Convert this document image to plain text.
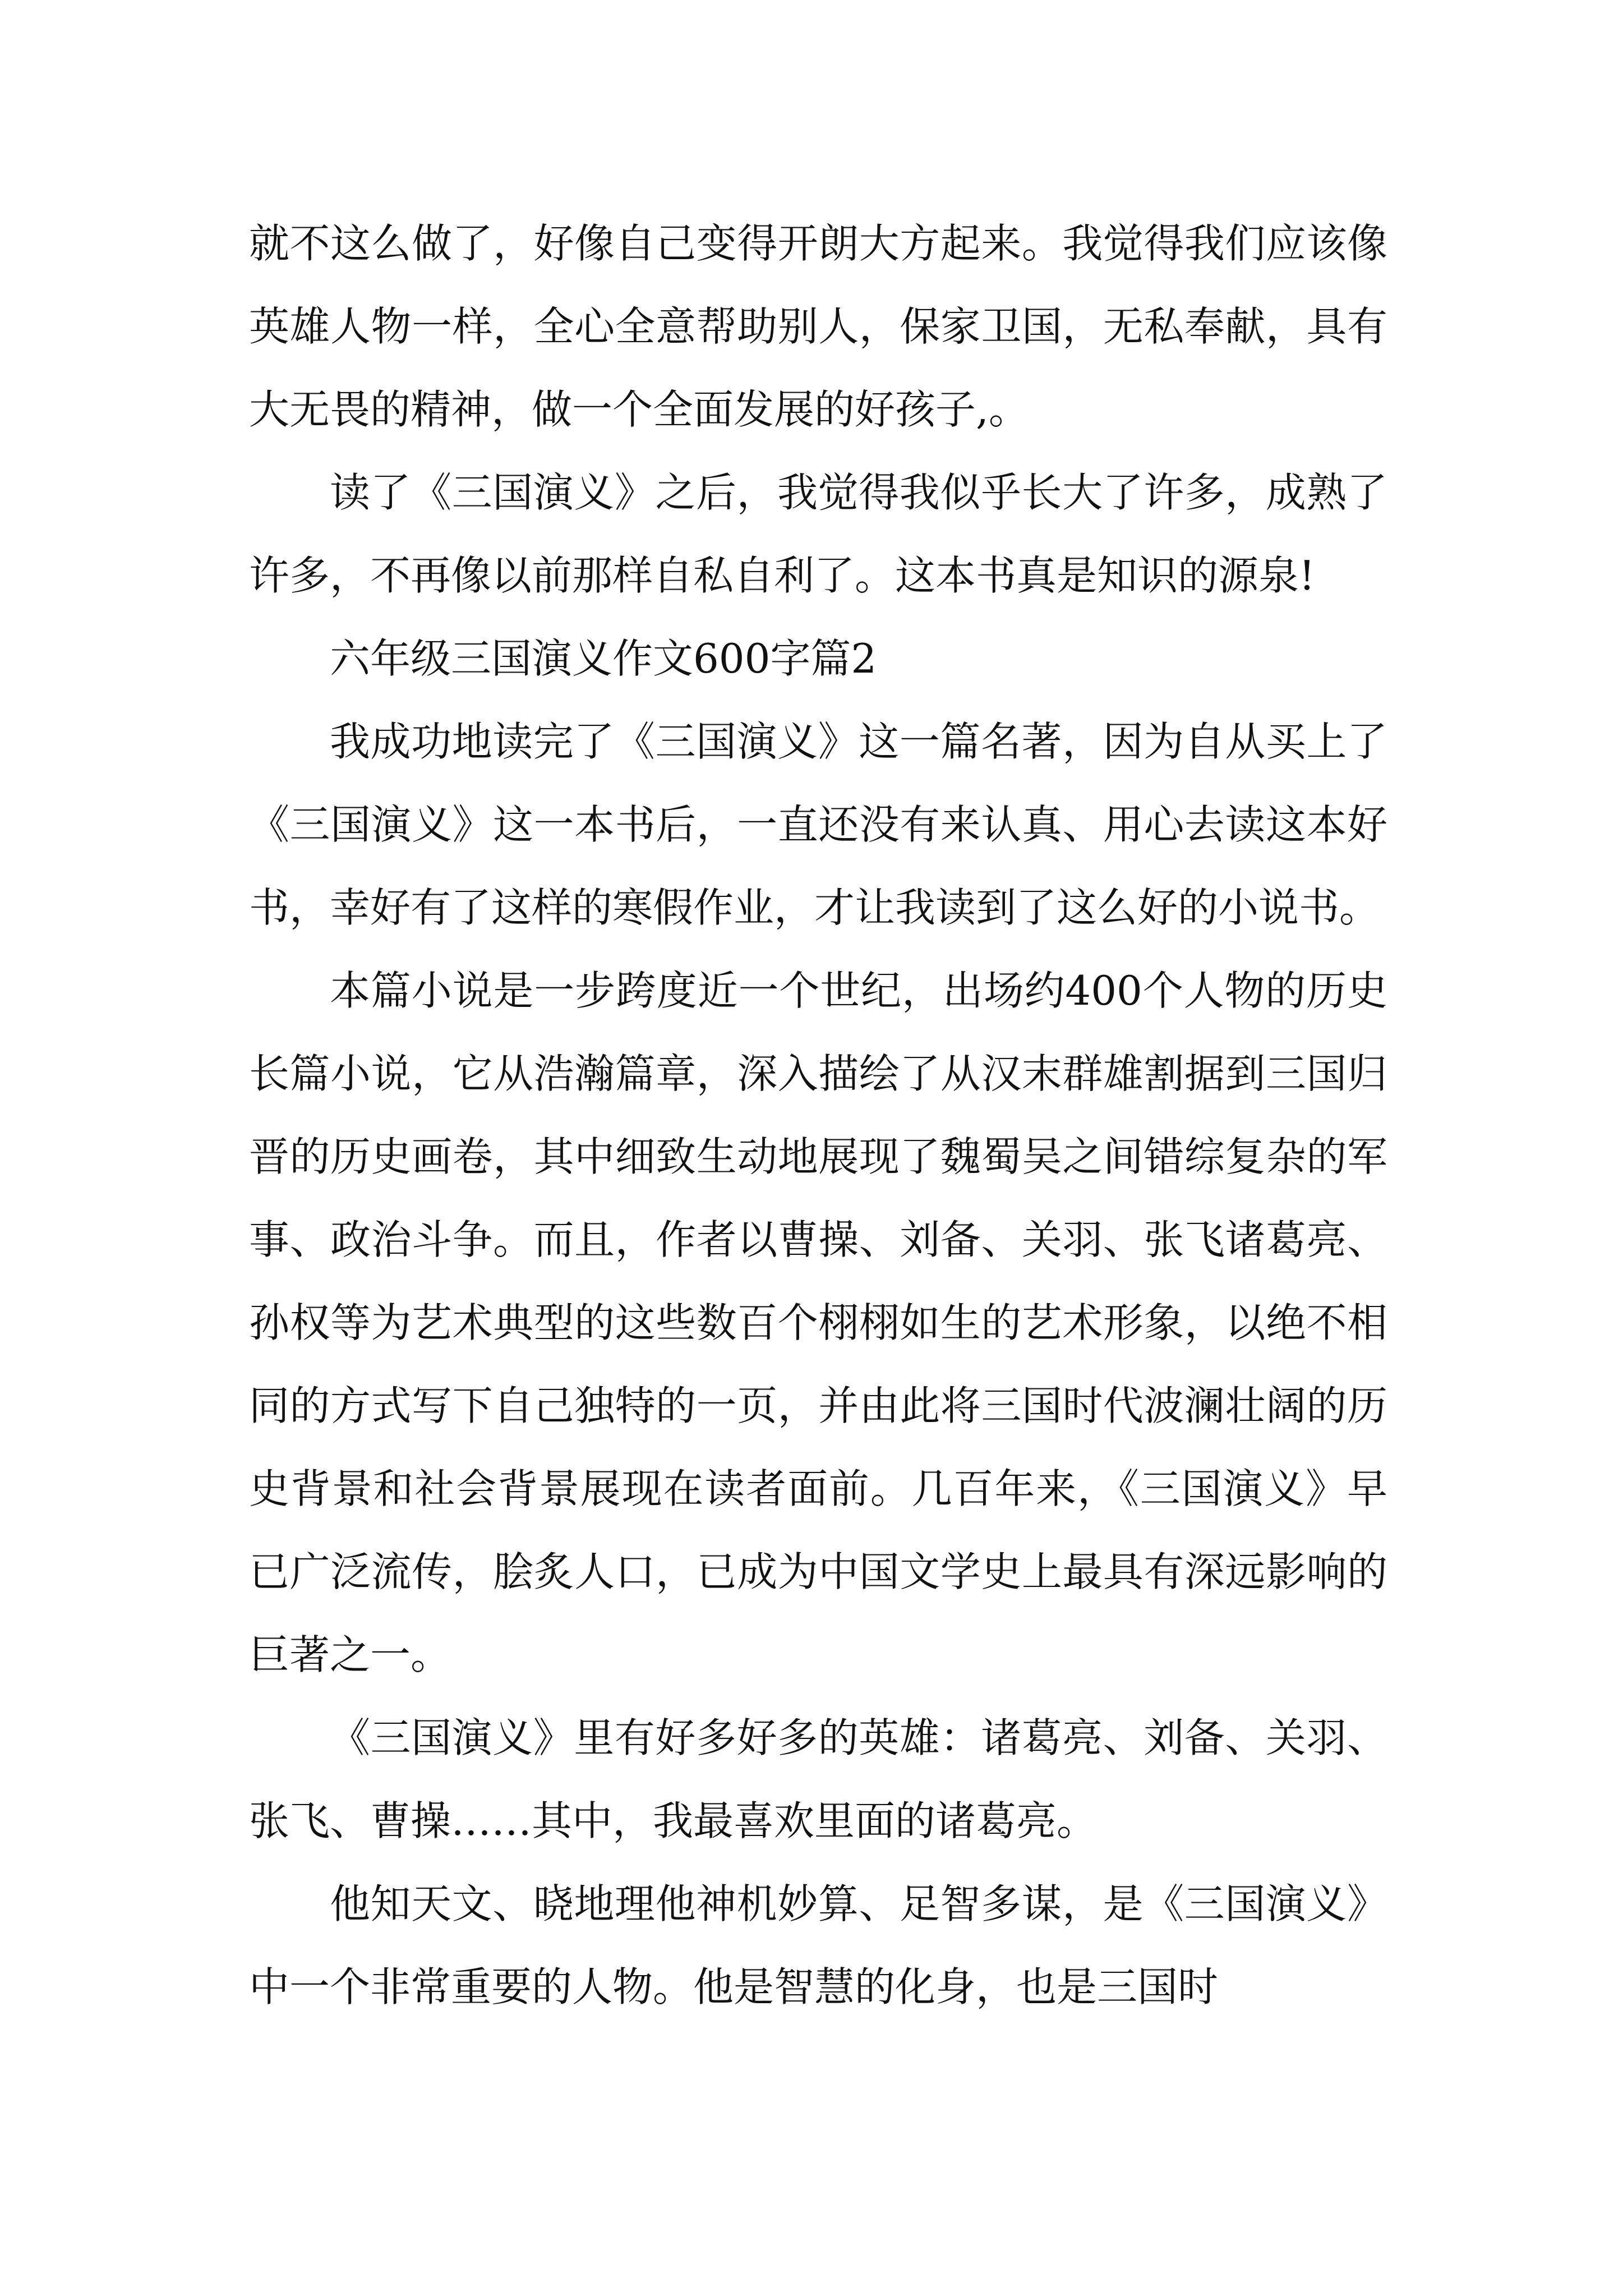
就不这么做了，好像自己变得开朗大方起来。我觉得我们应该像英雄人物一样，全心全意帮助别人，保家卫国，无私奉献，具有大无畏的精神，做一个全面发展的好孩子,。

读了《三国演义》之后，我觉得我似乎长大了许多，成熟了许多，不再像以前那样自私自利了。这本书真是知识的源泉!

六年级三国演义作文600字篇2

我成功地读完了《三国演义》这一篇名著，因为自从买上了《三国演义》这一本书后，一直还没有来认真、用心去读这本好书，幸好有了这样的寒假作业，才让我读到了这么好的小说书。

本篇小说是一步跨度近一个世纪，出场约400个人物的历史长篇小说，它从浩瀚篇章，深入描绘了从汉末群雄割据到三国归晋的历史画卷，其中细致生动地展现了魏蜀吴之间错综复杂的军事、政治斗争。而且，作者以曹操、刘备、关羽、张飞诸葛亮、孙权等为艺术典型的这些数百个栩栩如生的艺术形象，以绝不相同的方式写下自己独特的一页，并由此将三国时代波澜壮阔的历史背景和社会背景展现在读者面前。几百年来，《三国演义》早已广泛流传，脍炙人口，已成为中国文学史上最具有深远影响的巨著之一。

《三国演义》里有好多好多的英雄：诸葛亮、刘备、关羽、张飞、曹操……其中，我最喜欢里面的诸葛亮。

他知天文、晓地理他神机妙算、足智多谋，是《三国演义》中一个非常重要的人物。他是智慧的化身，也是三国时
